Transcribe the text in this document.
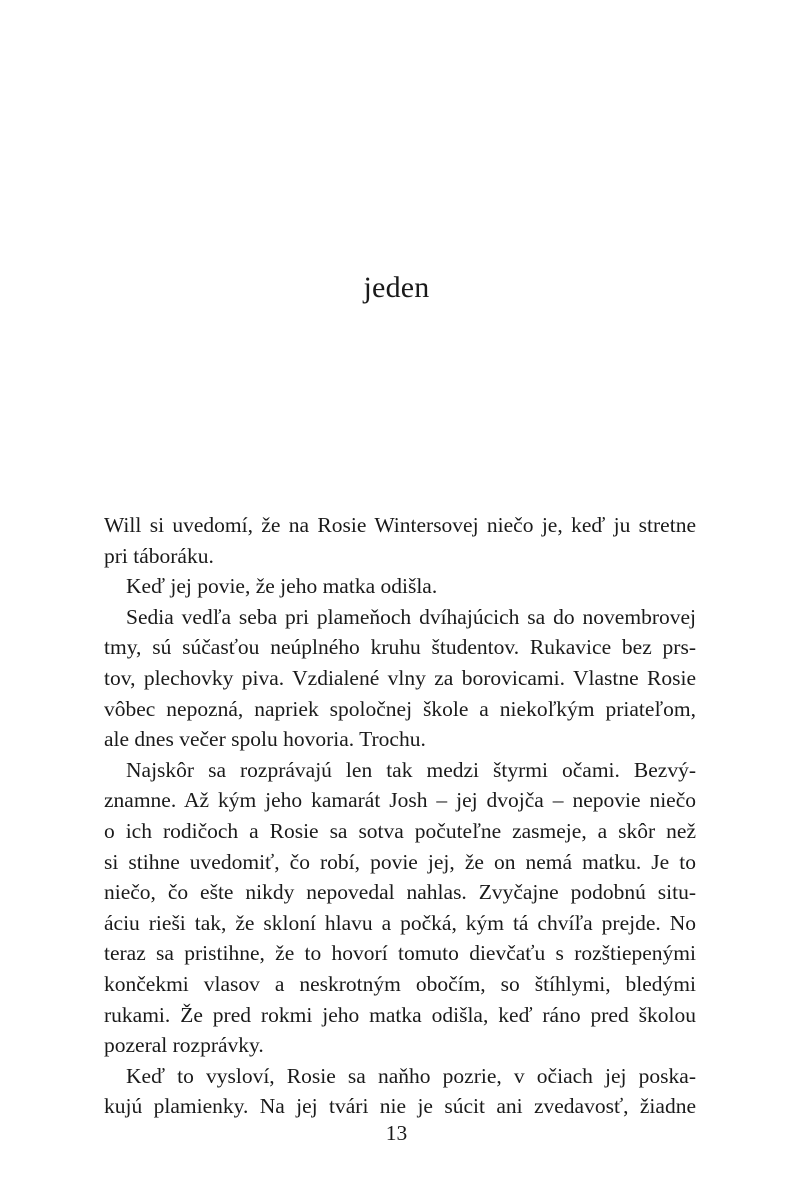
jeden
Will si uvedomí, že na Rosie Wintersovej niečo je, keď ju stretne
pri táboráku.
Keď jej povie, že jeho matka odišla.
Sedia vedľa seba pri plameňoch dvíhajúcich sa do novembrovej
tmy, sú súčasťou neúplného kruhu študentov. Rukavice bez prs-
tov, plechovky piva. Vzdialené vlny za borovicami. Vlastne Rosie
vôbec nepozná, napriek spoločnej škole a niekoľkým priateľom,
ale dnes večer spolu hovoria. Trochu.
Najskôr sa rozprávajú len tak medzi štyrmi očami. Bezvý-
znamne. Až kým jeho kamarát Josh – jej dvojča – nepovie niečo
o ich rodičoch a Rosie sa sotva počuteľne zasmeje, a skôr než
si stihne uvedomiť, čo robí, povie jej, že on nemá matku. Je to
niečo, čo ešte nikdy nepovedal nahlas. Zvyčajne podobnú situ-
áciu rieši tak, že skloní hlavu a počká, kým tá chvíľa prejde. No
teraz sa pristihne, že to hovorí tomuto dievčaťu s rozštiepenými
končekmi vlasov a neskrotným obočím, so štíhlymi, bledými
rukami. Že pred rokmi jeho matka odišla, keď ráno pred školou
pozeral rozprávky.
Keď to vysloví, Rosie sa naňho pozrie, v očiach jej poska-
kujú plamienky. Na jej tvári nie je súcit ani zvedavosť, žiadne
13
